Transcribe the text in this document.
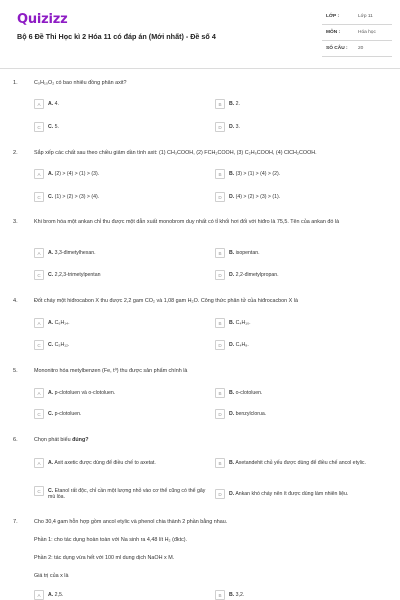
Quizizz
Bộ 6 Đề Thi Học kì 2 Hóa 11 có đáp án (Mới nhất) - Đề số 4
LỚP :	Lớp 11
MÔN :	Hóa học
SỐ CÂU : 20
1.	C₅H₁₀O₂ có bao nhiêu đồng phân axit?
A	A. 4.	B	B. 2.
C	C. 5.	D	D. 3.
2.	Sắp xếp các chất sau theo chiều giảm dần tính axit: (1) CH₃COOH, (2) FCH₂COOH, (3) C₂H₅COOH, (4) ClCH₂COOH.
A	A. (2) > (4) > (1) > (3).	B	B. (3) > (1) > (4) > (2).
C	C. (1) > (2) > (3) > (4).	D	D. (4) > (2) > (3) > (1).
3.	Khi brom hóa một ankan chỉ thu được một dẫn xuất monobrom duy nhất có tỉ khối hơi đối với hiđro là 75,5. Tên của ankan đó là
A	A. 3,3-đimetylhexan.	B	B. isopentan.
C	C. 2,2,3-trimetylpentan	D	D. 2,2-đimetylpropan.
4.	Đốt cháy một hiđrocabon X thu được 2,2 gam CO₂ và 1,08 gam H₂O. Công thức phân tử của hiđrocacbon X là
A	A. C₆H₁₄.	B	B. C₄H₁₀.
C	C. C₅H₁₂.	D	D. C₄H₈.
5.	Mononitro hóa metylbenzen (Fe, t⁰) thu được sản phẩm chính là
A	A. p-clotoluen và o-clotoluen.	B	B. o-clotoluen.
C	C. p-clotoluen.	D	D. benzylclorua.
6.	Chọn phát biểu đúng?
A	A. Axit axetic được dùng để điều chế to axetat.	B	B. Axetandehit chủ yếu được dùng để điều chế ancol etylic.
C	C. Etanol rất độc, chỉ cần một lượng nhỏ vào cơ thể cũng có thể gây mù lòa.	D	D. Ankan khó cháy nên ít được dùng làm nhiên liệu.
7.	Cho 30,4 gam hỗn hợp gồm ancol etylic và phenol chia thành 2 phần bằng nhau.
Phần 1: cho tác dụng hoàn toàn với Na sinh ra 4,48 lít H₂ (đktc).
Phần 2: tác dụng vừa hết với 100 ml dung dịch NaOH x M.
Giá trị của x là
A	A. 2,5.	B	B. 3,2.
